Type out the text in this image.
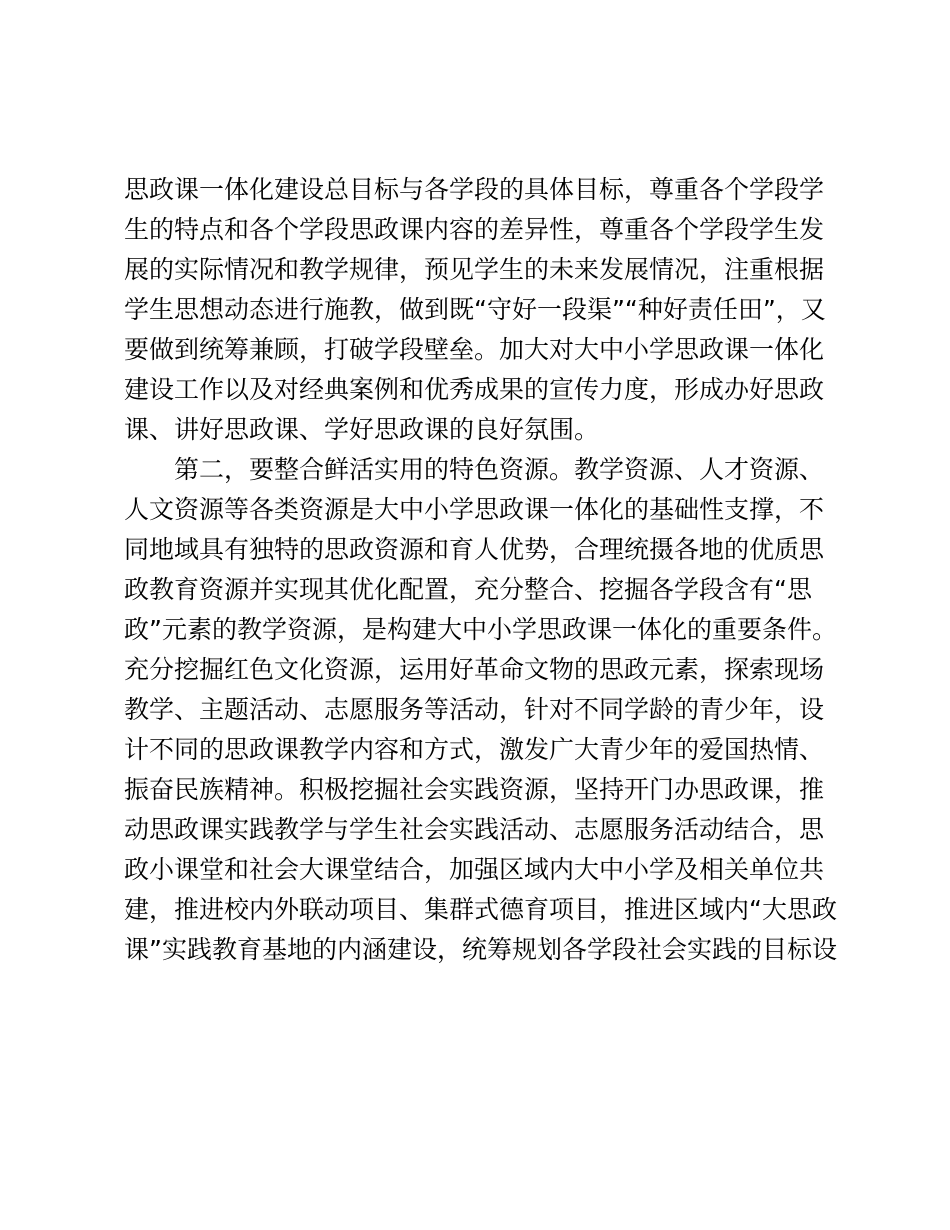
思政课一体化建设总目标与各学段的具体目标，尊重各个学段学
生的特点和各个学段思政课内容的差异性，尊重各个学段学生发
展的实际情况和教学规律，预见学生的未来发展情况，注重根据
学生思想动态进行施教，做到既“守好一段渠”“种好责任田”，又
要做到统筹兼顾，打破学段壁垒。加大对大中小学思政课一体化
建设工作以及对经典案例和优秀成果的宣传力度，形成办好思政
课、讲好思政课、学好思政课的良好氛围。
第二，要整合鲜活实用的特色资源。教学资源、人才资源、
人文资源等各类资源是大中小学思政课一体化的基础性支撑，不
同地域具有独特的思政资源和育人优势，合理统摄各地的优质思
政教育资源并实现其优化配置，充分整合、挖掘各学段含有“思
政”元素的教学资源，是构建大中小学思政课一体化的重要条件。
充分挖掘红色文化资源，运用好革命文物的思政元素，探索现场
教学、主题活动、志愿服务等活动，针对不同学龄的青少年，设
计不同的思政课教学内容和方式，激发广大青少年的爱国热情、
振奋民族精神。积极挖掘社会实践资源，坚持开门办思政课，推
动思政课实践教学与学生社会实践活动、志愿服务活动结合，思
政小课堂和社会大课堂结合，加强区域内大中小学及相关单位共
建，推进校内外联动项目、集群式德育项目，推进区域内“大思政
课”实践教育基地的内涵建设，统筹规划各学段社会实践的目标设
